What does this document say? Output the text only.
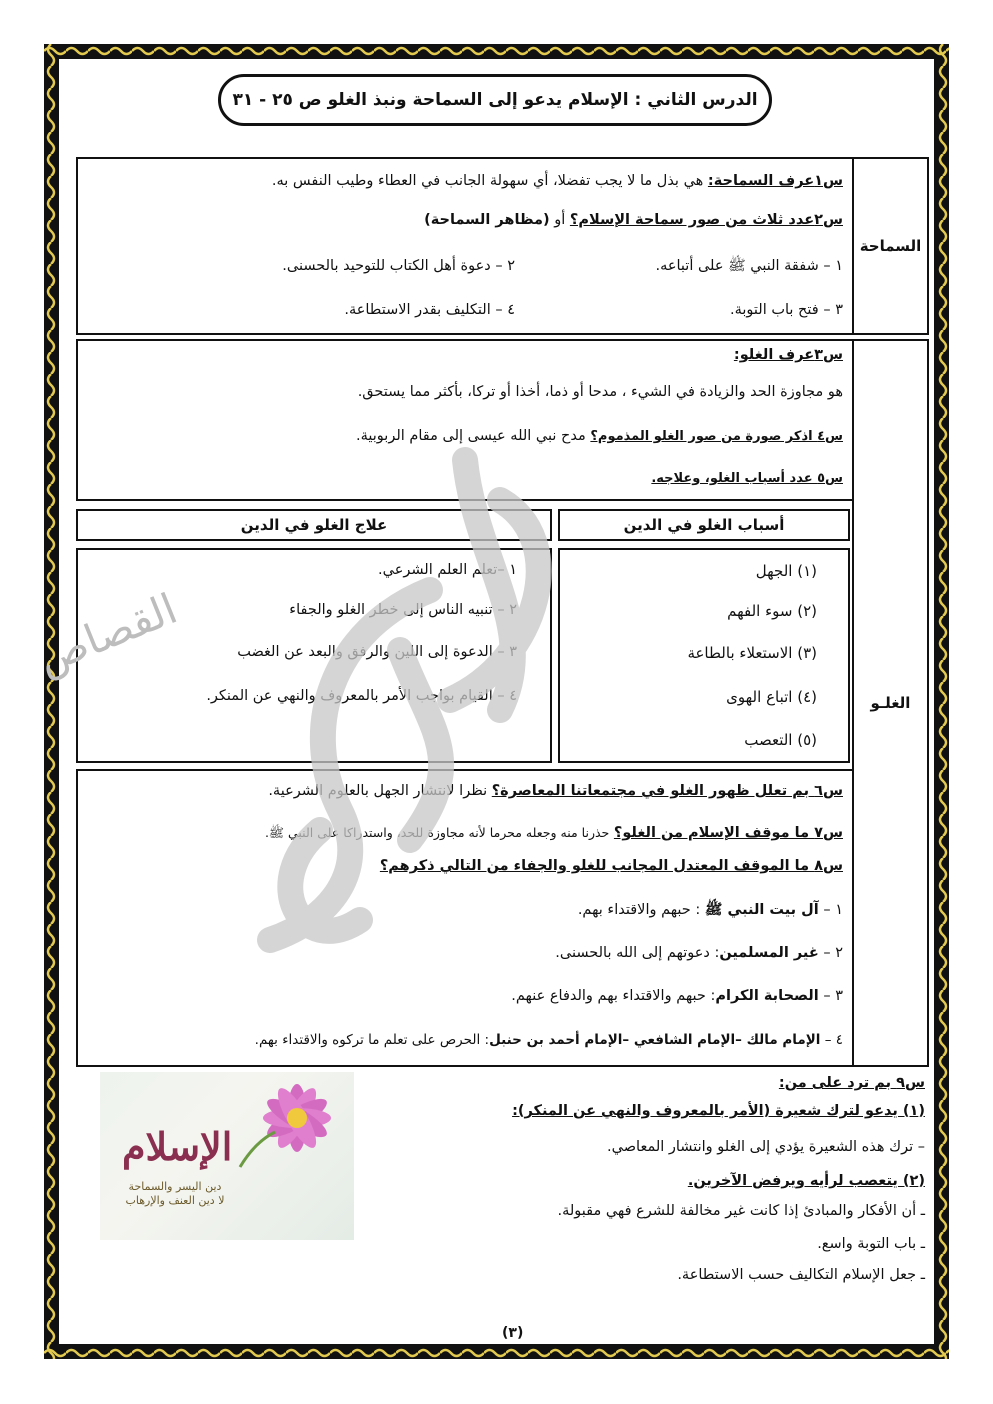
الدرس الثاني : الإسلام يدعو إلى السماحة ونبذ الغلو ص ٢٥ - ٣١
السماحة
س١عرف السماحة: هي بذل ما لا يجب تفضلا، أي سهولة الجانب في العطاء وطيب النفس به.
س٢عدد ثلاث من صور سماحة الإسلام؟ أو (مظاهر السماحة)
١ – شفقة النبي ﷺ على أتباعه.
٢ – دعوة أهل الكتاب للتوحيد بالحسنى.
٣ – فتح باب التوبة.
٤ – التكليف بقدر الاستطاعة.
الغلـو
س٣عرف الغلو:
هو مجاوزة الحد والزيادة في الشيء ، مدحا أو ذما، أخذا أو تركا، بأكثر مما يستحق.
س٤ اذكر صورة من صور الغلو المذموم؟ مدح نبي الله عيسى إلى مقام الربوبية.
س٥ عدد أسباب الغلو، وعلاجه.
أسباب الغلو في الدين
علاج الغلو في الدين
(١) الجهل
(٢) سوء الفهم
(٣) الاستعلاء بالطاعة
(٤) اتباع الهوى
(٥) التعصب
١ –تعلم العلم الشرعي.
٢ – تنبيه الناس إلى خطر الغلو والجفاء
٣ – الدعوة إلى اللين والرفق والبعد عن الغضب
٤ – القيام بواجب الأمر بالمعروف والنهي عن المنكر.
س٦ بم تعلل ظهور الغلو في مجتمعاتنا المعاصرة؟ نظرا لانتشار الجهل بالعلوم الشرعية.
س٧ ما موقف الإسلام من الغلو؟ حذرنا منه وجعله محرما لأنه مجاوزة للحد، واستدراكا على النبي ﷺ.
س٨ ما الموقف المعتدل المجانب للغلو والجفاء من التالي ذكرهم؟
١ – آل بيت النبي ﷺ : حبهم والاقتداء بهم.
٢ – غير المسلمين: دعوتهم إلى الله بالحسنى.
٣ – الصحابة الكرام: حبهم والاقتداء بهم والدفاع عنهم.
٤ – الإمام مالك –الإمام الشافعي –الإمام أحمد بن حنبل: الحرص على تعلم ما تركوه والاقتداء بهم.
س٩ بم ترد على من:
(١) يدعو لترك شعيرة (الأمر بالمعروف والنهي عن المنكر):
– ترك هذه الشعيرة يؤدي إلى الغلو وانتشار المعاصي.
(٢) يتعصب لرأيه ويرفض الآخرين.
ـ أن الأفكار والمبادئ إذا كانت غير مخالفة للشرع فهي مقبولة.
ـ باب التوبة واسع.
ـ جعل الإسلام التكاليف حسب الاستطاعة.
الإسلام
دين اليسر والسماحة
لا دين العنف والإرهاب
القصاص
(٣)
